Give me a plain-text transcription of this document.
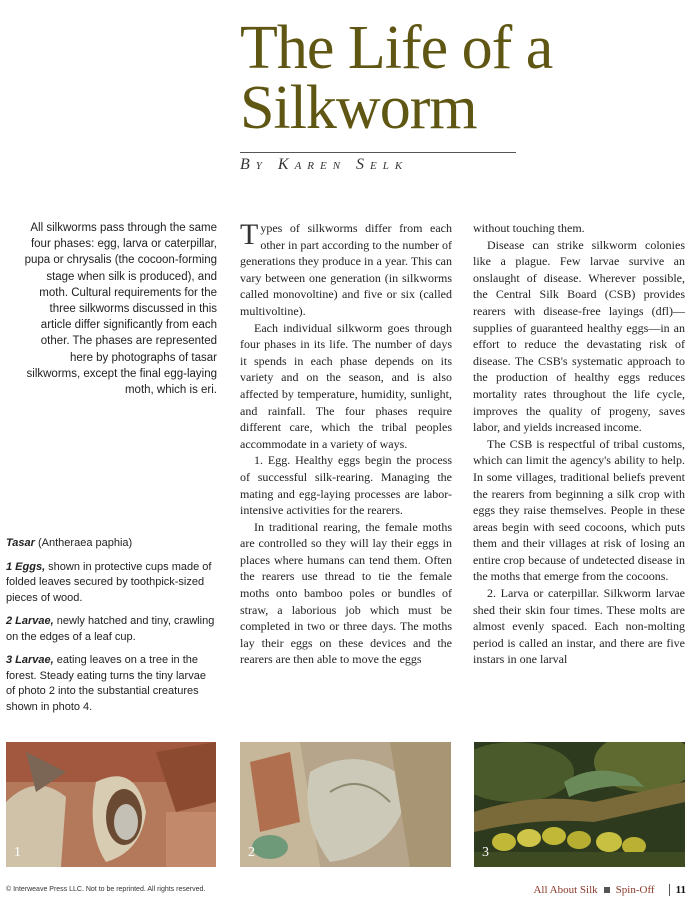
The Life of a
Silkworm
By Karen Selk
All silkworms pass through the same four phases: egg, larva or caterpillar, pupa or chrysalis (the cocoon-forming stage when silk is produced), and moth. Cultural requirements for the three silkworms discussed in this article differ significantly from each other. The phases are represented here by photographs of tasar silkworms, except the final egg-laying moth, which is eri.

Tasar (Antheraea paphia)

1 Eggs, shown in protective cups made of folded leaves secured by toothpick-sized pieces of wood.

2 Larvae, newly hatched and tiny, crawling on the edges of a leaf cup.

3 Larvae, eating leaves on a tree in the forest. Steady eating turns the tiny larvae of photo 2 into the substantial creatures shown in photo 4.

Types of silkworms differ from each other in part according to the number of generations they produce in a year. This can vary between one generation (in silkworms called monovoltine) and five or six (called multivoltine).

Each individual silkworm goes through four phases in its life. The number of days it spends in each phase depends on its variety and on the season, and is also affected by temperature, humidity, sunlight, and rainfall. The four phases require different care, which the tribal peoples accommodate in a variety of ways.

1. Egg. Healthy eggs begin the process of successful silk-rearing. Managing the mating and egg-laying processes are labor-intensive activities for the rearers.

In traditional rearing, the female moths are controlled so they will lay their eggs in places where humans can tend them. Often the rearers use thread to tie the female moths onto bamboo poles or bundles of straw, a laborious job which must be completed in two or three days. The moths lay their eggs on these devices and the rearers are then able to move the eggs

without touching them.

Disease can strike silkworm colonies like a plague. Few larvae survive an onslaught of disease. Wherever possible, the Central Silk Board (CSB) provides rearers with disease-free layings (dfl)—supplies of guaranteed healthy eggs—in an effort to reduce the devastating risk of disease. The CSB's systematic approach to the production of healthy eggs reduces mortality rates throughout the life cycle, improves the quality of progeny, saves labor, and yields increased income.

The CSB is respectful of tribal customs, which can limit the agency's ability to help. In some villages, traditional beliefs prevent the rearers from beginning a silk crop with eggs they raise themselves. People in these areas begin with seed cocoons, which puts them and their villages at risk of losing an entire crop because of undetected disease in the moths that emerge from the cocoons.

2. Larva or caterpillar. Silkworm larvae shed their skin four times. These molts are almost evenly spaced. Each non-molting period is called an instar, and there are five instars in one larval

1	2	3
© Interweave Press LLC. Not to be reprinted. All rights reserved.	All About Silk Spin-Off	11
